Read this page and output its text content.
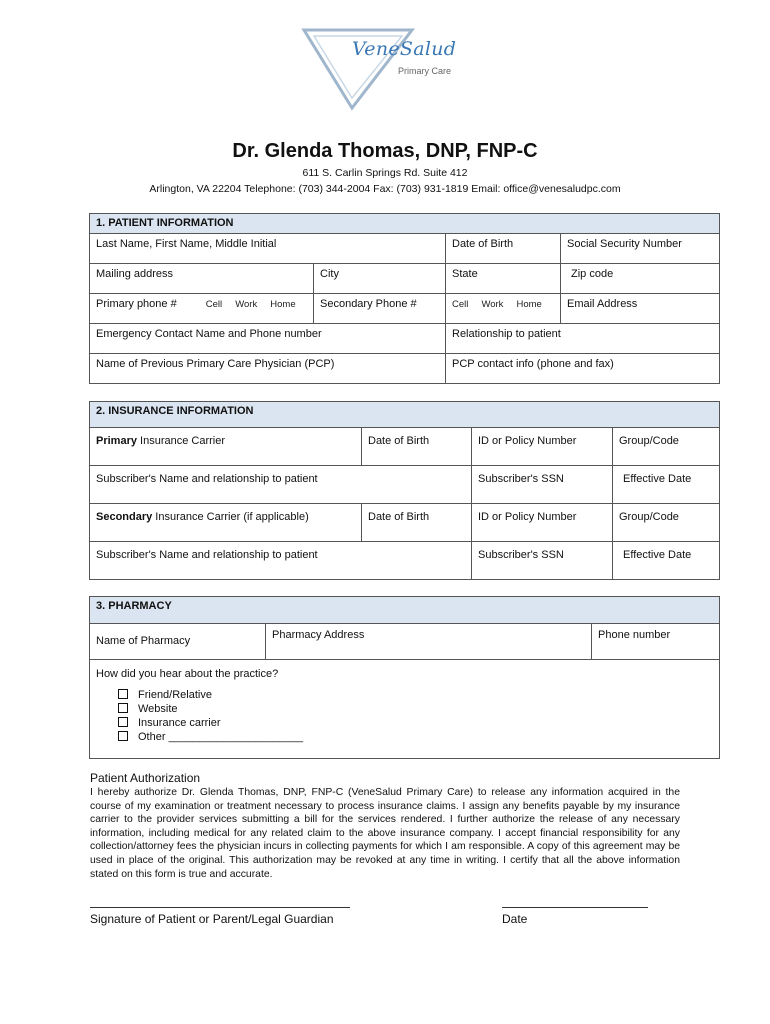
VeneSalud
Primary Care
Dr. Glenda Thomas, DNP, FNP-C
611 S. Carlin Springs Rd. Suite 412
Arlington, VA 22204 Telephone: (703) 344-2004 Fax: (703) 931-1819 Email: office@venesaludpc.com
1. PATIENT INFORMATION			

Last Name, First Name, Middle Initial		Date of Birth	Social Security Number

Mailing address	City	State	Zip code

Primary phone # Cell Work Home	Secondary Phone #	Cell Work Home	Email Address

Emergency Contact Name and Phone number		Relationship to patient	

Name of Previous Primary Care Physician (PCP)		PCP contact info (phone and fax)	
2. INSURANCE INFORMATION			

Primary Insurance Carrier	Date of Birth	ID or Policy Number	Group/Code

Subscriber's Name and relationship to patient		Subscriber's SSN	Effective Date

Secondary Insurance Carrier (if applicable)	Date of Birth	ID or Policy Number	Group/Code

Subscriber's Name and relationship to patient		Subscriber's SSN	Effective Date
3. PHARMACY

Name of Pharmacy	Pharmacy Address	Phone number

How did you hear about the practice?
Friend/Relative
Website
Insurance carrier
Other ______________________
Patient Authorization
I hereby authorize Dr. Glenda Thomas, DNP, FNP-C (VeneSalud Primary Care) to release any information acquired in the course of my examination or treatment necessary to process insurance claims. I assign any benefits payable by my insurance carrier to the provider services submitting a bill for the services rendered. I further authorize the release of any necessary information, including medical for any related claim to the above insurance company. I accept financial responsibility for any collection/attorney fees the physician incurs in collecting payments for which I am responsible. A copy of this agreement may be used in place of the original. This authorization may be revoked at any time in writing. I certify that all the above information stated on this form is true and accurate.
Signature of Patient or Parent/Legal Guardian	Date
